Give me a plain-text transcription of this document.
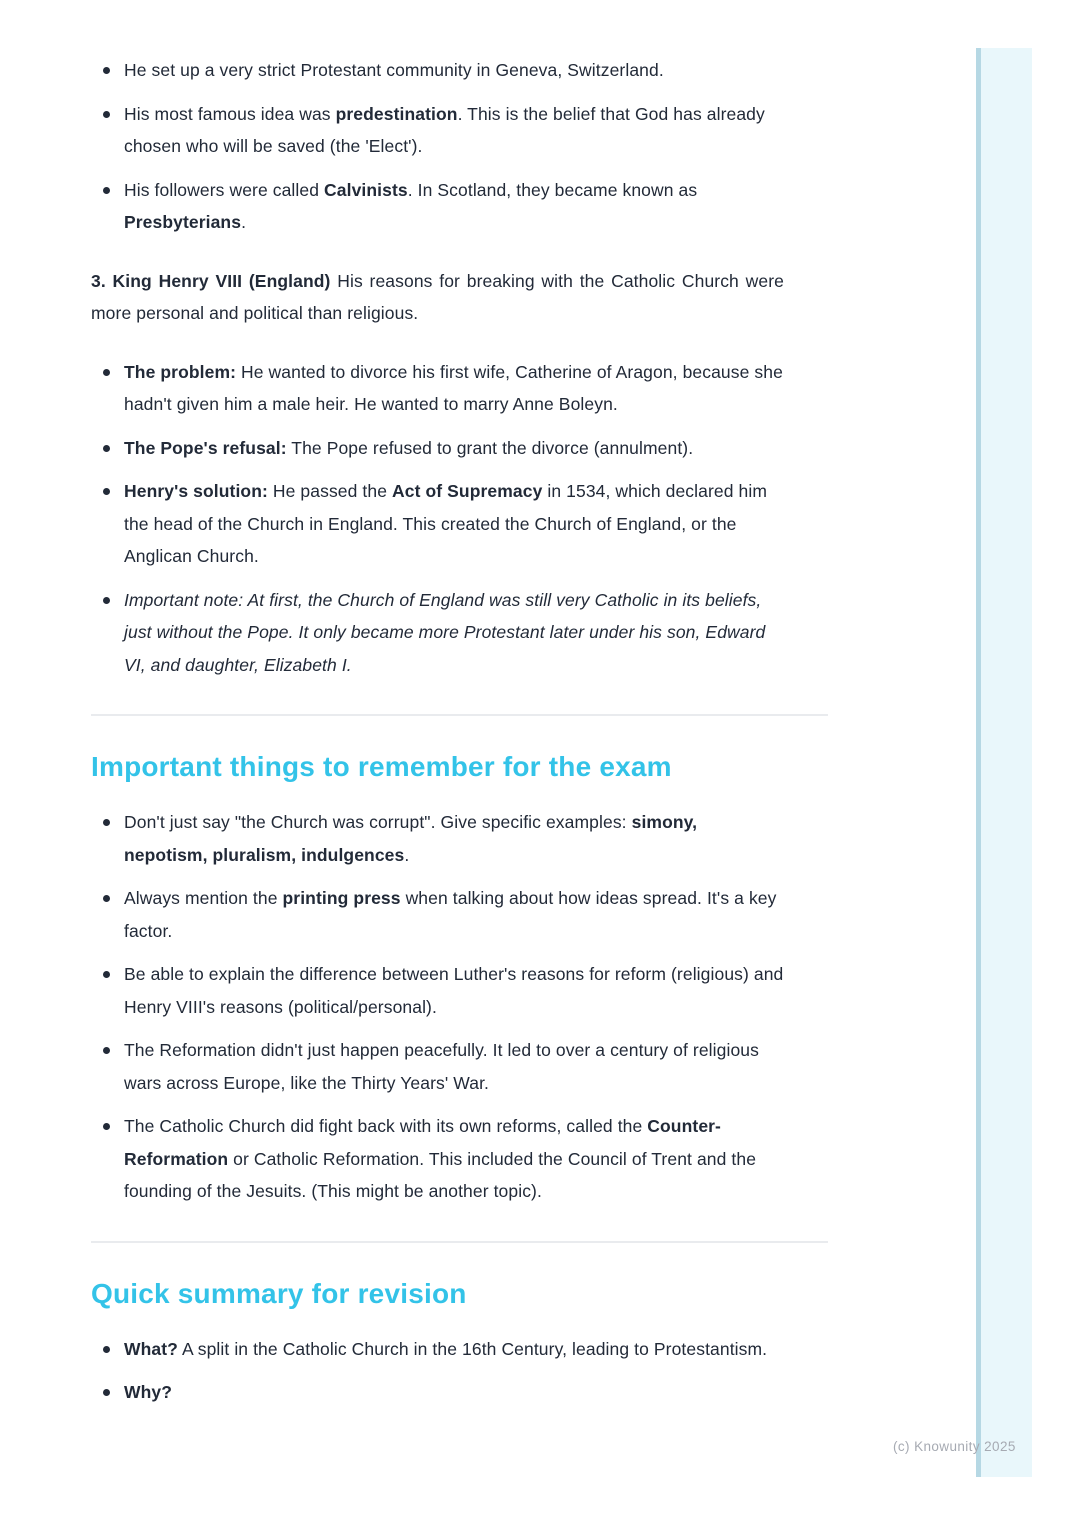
He set up a very strict Protestant community in Geneva, Switzerland.
His most famous idea was predestination. This is the belief that God has already chosen who will be saved (the 'Elect').
His followers were called Calvinists. In Scotland, they became known as Presbyterians.

3. King Henry VIII (England) His reasons for breaking with the Catholic Church were more personal and political than religious.

The problem: He wanted to divorce his first wife, Catherine of Aragon, because she hadn't given him a male heir. He wanted to marry Anne Boleyn.
The Pope's refusal: The Pope refused to grant the divorce (annulment).
Henry's solution: He passed the Act of Supremacy in 1534, which declared him the head of the Church in England. This created the Church of England, or the Anglican Church.
Important note: At first, the Church of England was still very Catholic in its beliefs, just without the Pope. It only became more Protestant later under his son, Edward VI, and daughter, Elizabeth I.
Important things to remember for the exam
Don't just say "the Church was corrupt". Give specific examples: simony, nepotism, pluralism, indulgences.
Always mention the printing press when talking about how ideas spread. It's a key factor.
Be able to explain the difference between Luther's reasons for reform (religious) and Henry VIII's reasons (political/personal).
The Reformation didn't just happen peacefully. It led to over a century of religious wars across Europe, like the Thirty Years' War.
The Catholic Church did fight back with its own reforms, called the Counter-Reformation or Catholic Reformation. This included the Council of Trent and the founding of the Jesuits. (This might be another topic).
Quick summary for revision
What? A split in the Catholic Church in the 16th Century, leading to Protestantism.
Why?
(c) Knowunity 2025
